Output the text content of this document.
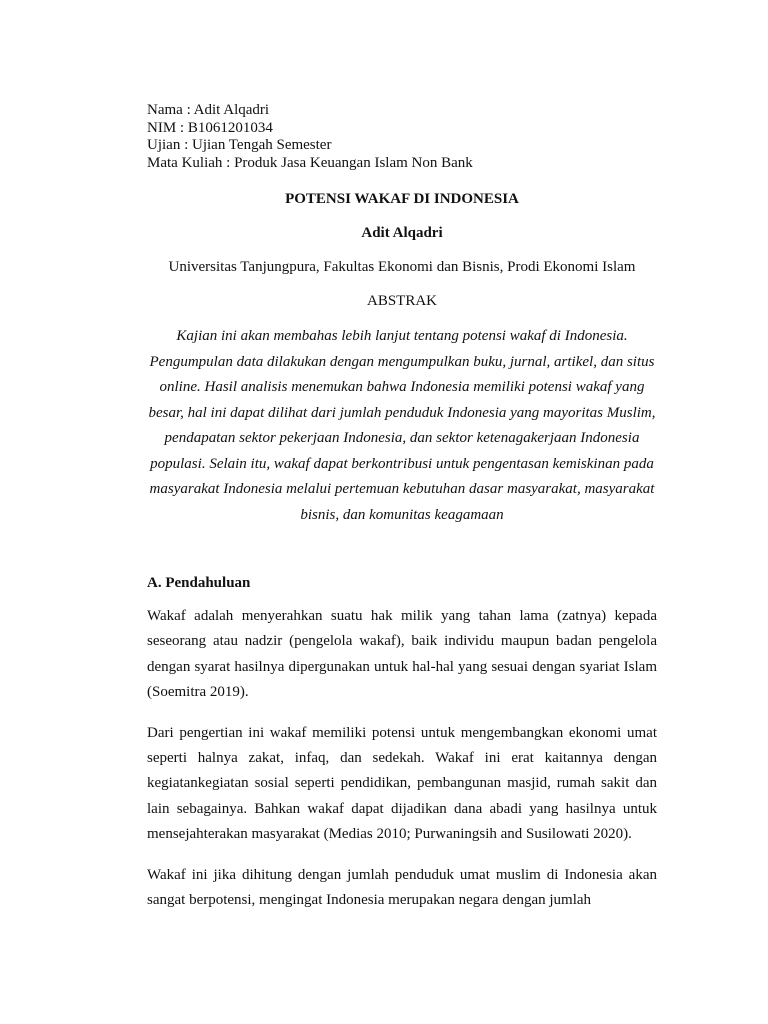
Nama : Adit Alqadri
NIM : B1061201034
Ujian : Ujian Tengah Semester
Mata Kuliah : Produk Jasa Keuangan Islam Non Bank
POTENSI WAKAF DI INDONESIA
Adit Alqadri
Universitas Tanjungpura, Fakultas Ekonomi dan Bisnis, Prodi Ekonomi Islam
ABSTRAK
Kajian ini akan membahas lebih lanjut tentang potensi wakaf di Indonesia. Pengumpulan data dilakukan dengan mengumpulkan buku, jurnal, artikel, dan situs online. Hasil analisis menemukan bahwa Indonesia memiliki potensi wakaf yang besar, hal ini dapat dilihat dari jumlah penduduk Indonesia yang mayoritas Muslim, pendapatan sektor pekerjaan Indonesia, dan sektor ketenagakerjaan Indonesia populasi. Selain itu, wakaf dapat berkontribusi untuk pengentasan kemiskinan pada masyarakat Indonesia melalui pertemuan kebutuhan dasar masyarakat, masyarakat bisnis, dan komunitas keagamaan
A. Pendahuluan

Wakaf adalah menyerahkan suatu hak milik yang tahan lama (zatnya) kepada seseorang atau nadzir (pengelola wakaf), baik individu maupun badan pengelola dengan syarat hasilnya dipergunakan untuk hal-hal yang sesuai dengan syariat Islam (Soemitra 2019).

Dari pengertian ini wakaf memiliki potensi untuk mengembangkan ekonomi umat seperti halnya zakat, infaq, dan sedekah. Wakaf ini erat kaitannya dengan kegiatankegiatan sosial seperti pendidikan, pembangunan masjid, rumah sakit dan lain sebagainya. Bahkan wakaf dapat dijadikan dana abadi yang hasilnya untuk mensejahterakan masyarakat (Medias 2010; Purwaningsih and Susilowati 2020).

Wakaf ini jika dihitung dengan jumlah penduduk umat muslim di Indonesia akan sangat berpotensi, mengingat Indonesia merupakan negara dengan jumlah
